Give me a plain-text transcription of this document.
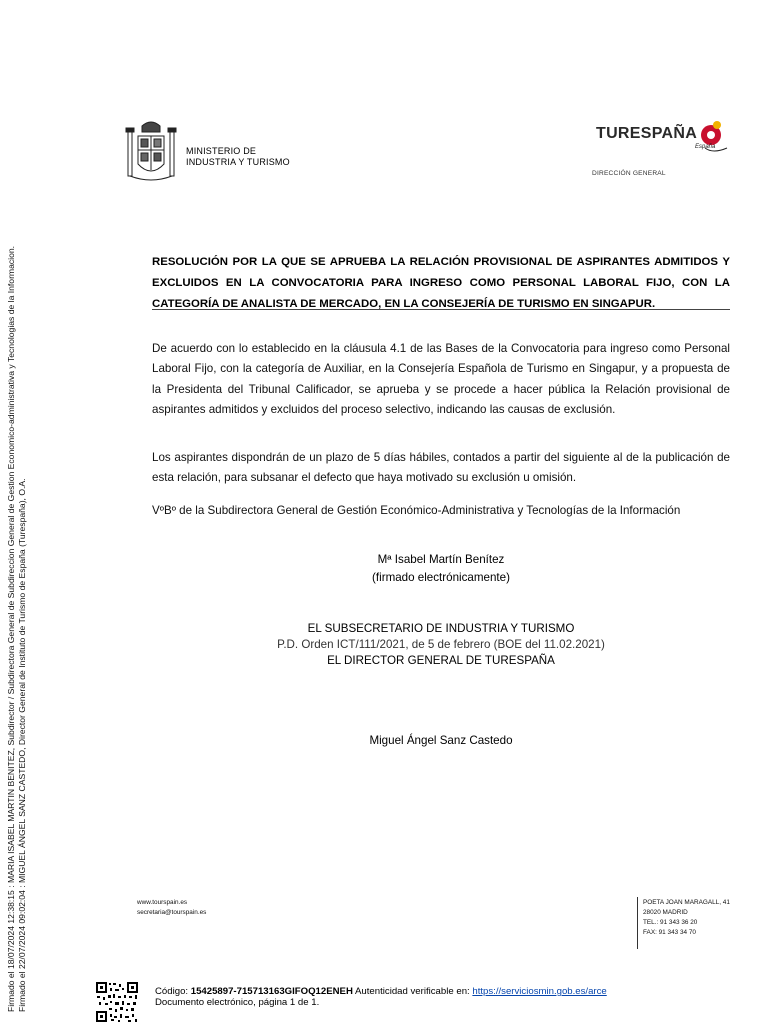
Firmado el 18/07/2024 12:38:15 : MARIA ISABEL MARTIN BENITEZ, Subdirector / Subdirectora General de Subdireccion General de Gestion Economico-administrativa y Tecnologias de la Informacion. Firmado el 22/07/2024 09:02:04 : MIGUEL ÁNGEL SANZ CASTEDO, Director General de Instituto de Turismo de España (Turespaña), O.A.
MINISTERIO DE
INDUSTRIA Y TURISMO
TURESPAÑA
España
DIRECCIÓN GENERAL
RESOLUCIÓN POR LA QUE SE APRUEBA LA RELACIÓN PROVISIONAL DE ASPIRANTES ADMITIDOS Y
EXCLUIDOS EN LA CONVOCATORIA PARA INGRESO COMO PERSONAL LABORAL FIJO, CON LA
CATEGORÍA DE ANALISTA DE MERCADO, EN LA CONSEJERÍA DE TURISMO EN SINGAPUR.
De acuerdo con lo establecido en la cláusula 4.1 de las Bases de la Convocatoria para ingreso como Personal Laboral Fijo, con la categoría de Auxiliar, en la Consejería Española de Turismo en Singapur, y a propuesta de la Presidenta del Tribunal Calificador, se aprueba y se procede a hacer pública la Relación provisional de aspirantes admitidos y excluidos del proceso selectivo, indicando las causas de exclusión.
Los aspirantes dispondrán de un plazo de 5 días hábiles, contados a partir del siguiente al de la publicación de esta relación, para subsanar el defecto que haya motivado su exclusión u omisión.
VºBº de la Subdirectora General de Gestión Económico-Administrativa y Tecnologías de la Información
Mª Isabel Martín Benítez
(firmado electrónicamente)
EL SUBSECRETARIO DE INDUSTRIA Y TURISMO
P.D. Orden ICT/111/2021, de 5 de febrero (BOE del 11.02.2021)
EL DIRECTOR GENERAL DE TURESPAÑA
Miguel Ángel Sanz Castedo
www.tourspain.es
secretaria@tourspain.es
POETA JOAN MARAGALL, 41
28020 MADRID
TEL.: 91 343 36 20
FAX: 91 343 34 70
Código: 15425897-715713163GIFOQ12ENEH Autenticidad verificable en: https://serviciosmin.gob.es/arce
Documento electrónico, página 1 de 1.
